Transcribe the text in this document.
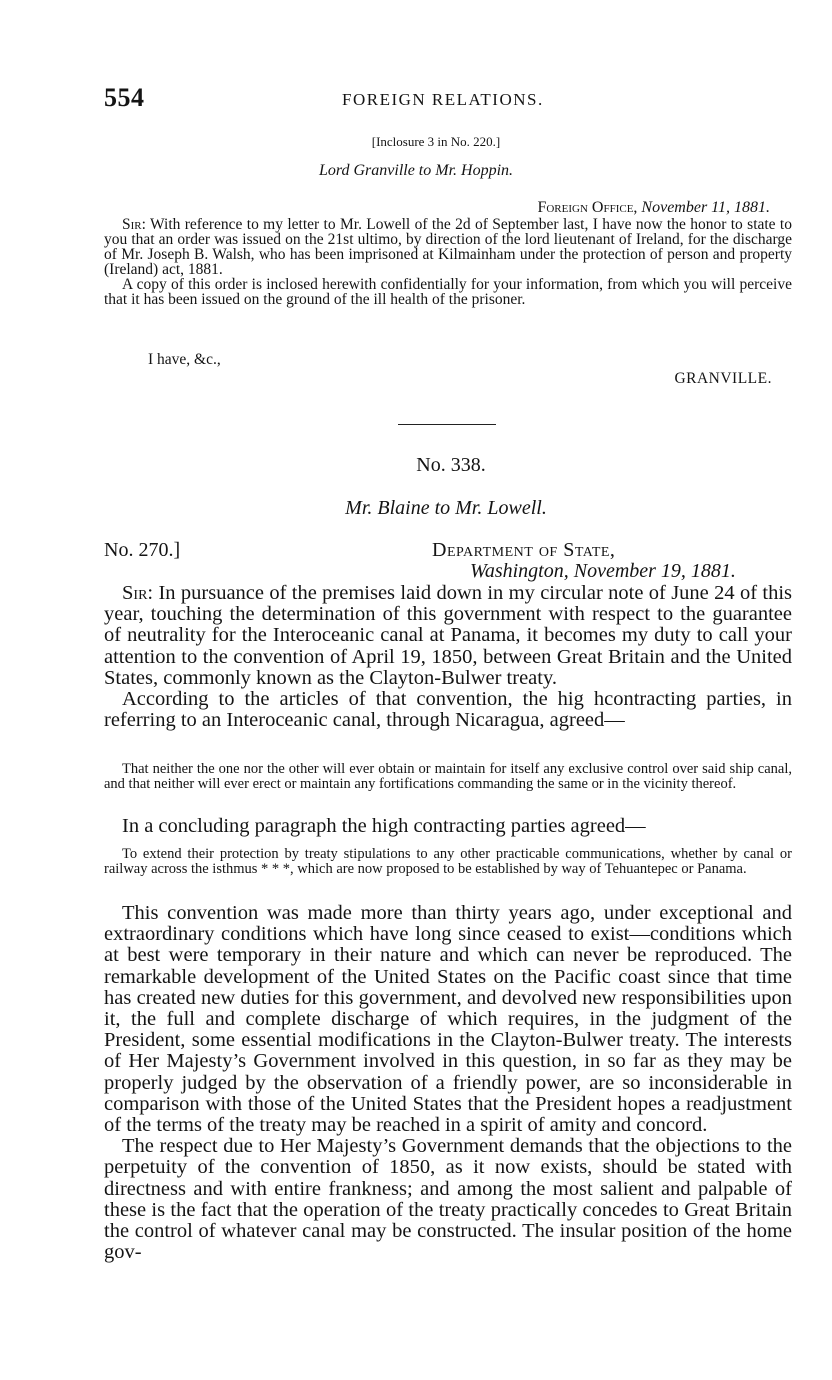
554	FOREIGN RELATIONS.
[Inclosure 3 in No. 220.]
Lord Granville to Mr. Hoppin.
Foreign Office, November 11, 1881.

Sir: With reference to my letter to Mr. Lowell of the 2d of September last, I have now the honor to state to you that an order was issued on the 21st ultimo, by direction of the lord lieutenant of Ireland, for the discharge of Mr. Joseph B. Walsh, who has been imprisoned at Kilmainham under the protection of person and property (Ireland) act, 1881.

A copy of this order is inclosed herewith confidentially for your information, from which you will perceive that it has been issued on the ground of the ill health of the prisoner.

I have, &c.,
GRANVILLE.
No. 338.
Mr. Blaine to Mr. Lowell.
No. 270.]	Department of State,
Washington, November 19, 1881.

Sir: In pursuance of the premises laid down in my circular note of June 24 of this year, touching the determination of this government with respect to the guarantee of neutrality for the Interoceanic canal at Panama, it becomes my duty to call your attention to the convention of April 19, 1850, between Great Britain and the United States, commonly known as the Clayton-Bulwer treaty.

According to the articles of that convention, the hig hcontracting parties, in referring to an Interoceanic canal, through Nicaragua, agreed—

That neither the one nor the other will ever obtain or maintain for itself any exclusive control over said ship canal, and that neither will ever erect or maintain any fortifications commanding the same or in the vicinity thereof.

In a concluding paragraph the high contracting parties agreed—

To extend their protection by treaty stipulations to any other practicable communications, whether by canal or railway across the isthmus * * *, which are now proposed to be established by way of Tehuantepec or Panama.

This convention was made more than thirty years ago, under exceptional and extraordinary conditions which have long since ceased to exist—conditions which at best were temporary in their nature and which can never be reproduced. The remarkable development of the United States on the Pacific coast since that time has created new duties for this government, and devolved new responsibilities upon it, the full and complete discharge of which requires, in the judgment of the President, some essential modifications in the Clayton-Bulwer treaty. The interests of Her Majesty’s Government involved in this question, in so far as they may be properly judged by the observation of a friendly power, are so inconsiderable in comparison with those of the United States that the President hopes a readjustment of the terms of the treaty may be reached in a spirit of amity and concord.

The respect due to Her Majesty’s Government demands that the objections to the perpetuity of the convention of 1850, as it now exists, should be stated with directness and with entire frankness; and among the most salient and palpable of these is the fact that the operation of the treaty practically concedes to Great Britain the control of whatever canal may be constructed. The insular position of the home gov-
